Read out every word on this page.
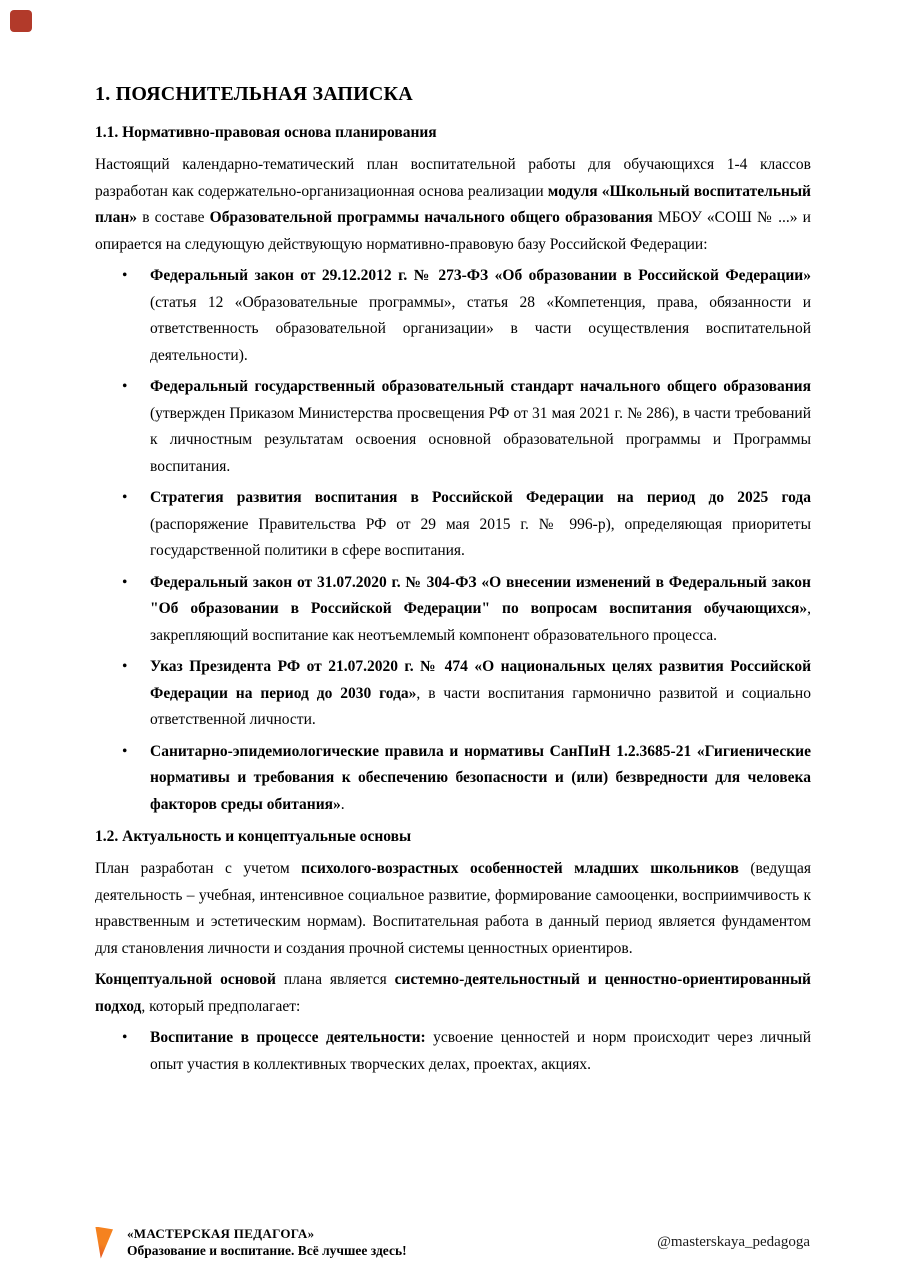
1. ПОЯСНИТЕЛЬНАЯ ЗАПИСКА
1.1. Нормативно-правовая основа планирования

Настоящий календарно-тематический план воспитательной работы для обучающихся 1-4 классов разработан как содержательно-организационная основа реализации модуля «Школьный воспитательный план» в составе Образовательной программы начального общего образования МБОУ «СОШ № ...» и опирается на следующую действующую нормативно-правовую базу Российской Федерации:

• Федеральный закон от 29.12.2012 г. № 273-ФЗ «Об образовании в Российской Федерации» (статья 12 «Образовательные программы», статья 28 «Компетенция, права, обязанности и ответственность образовательной организации» в части осуществления воспитательной деятельности).
• Федеральный государственный образовательный стандарт начального общего образования (утвержден Приказом Министерства просвещения РФ от 31 мая 2021 г. № 286), в части требований к личностным результатам освоения основной образовательной программы и Программы воспитания.
• Стратегия развития воспитания в Российской Федерации на период до 2025 года (распоряжение Правительства РФ от 29 мая 2015 г. № 996-р), определяющая приоритеты государственной политики в сфере воспитания.
• Федеральный закон от 31.07.2020 г. № 304-ФЗ «О внесении изменений в Федеральный закон "Об образовании в Российской Федерации" по вопросам воспитания обучающихся», закрепляющий воспитание как неотъемлемый компонент образовательного процесса.
• Указ Президента РФ от 21.07.2020 г. № 474 «О национальных целях развития Российской Федерации на период до 2030 года», в части воспитания гармонично развитой и социально ответственной личности.
• Санитарно-эпидемиологические правила и нормативы СанПиН 1.2.3685-21 «Гигиенические нормативы и требования к обеспечению безопасности и (или) безвредности для человека факторов среды обитания».
1.2. Актуальность и концептуальные основы

План разработан с учетом психолого-возрастных особенностей младших школьников (ведущая деятельность – учебная, интенсивное социальное развитие, формирование самооценки, восприимчивость к нравственным и эстетическим нормам). Воспитательная работа в данный период является фундаментом для становления личности и создания прочной системы ценностных ориентиров.

Концептуальной основой плана является системно-деятельностный и ценностно-ориентированный подход, который предполагает:

• Воспитание в процессе деятельности: усвоение ценностей и норм происходит через личный опыт участия в коллективных творческих делах, проектах, акциях.
«МАСТЕРСКАЯ ПЕДАГОГА»
Образование и воспитание. Всё лучшее здесь!
@masterskaya_pedagoga
